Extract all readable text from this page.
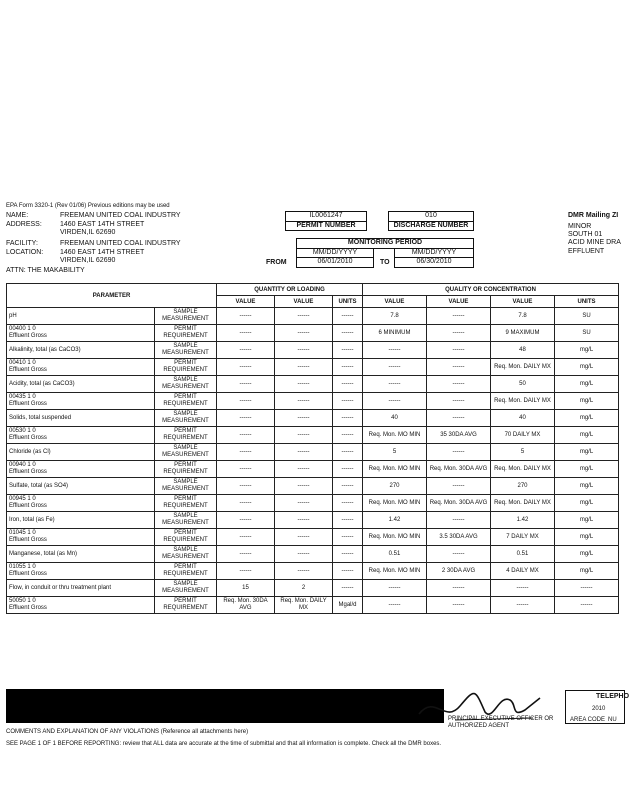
EPA Form 3320-1 (Rev 01/06) Previous editions may be used
NAME:	FREEMAN UNITED COAL INDUSTRY
ADDRESS:	1460 EAST 14TH STREET
VIRDEN,IL 62690
FACILITY:	FREEMAN UNITED COAL INDUSTRY
LOCATION: 1460 EAST 14TH STREET
VIRDEN,IL 62690
ATTN: THE MAKABILITY
IL0061247
PERMIT NUMBER
010
DISCHARGE NUMBER
MONITORING PERIOD
MM/DD/YYYY	MM/DD/YYYY
FROM	06/01/2010	TO	06/30/2010
DMR Mailing ZI
MINOR
SOUTH 01
ACID MINE DRA
EFFLUENT
PARAMETER		QUANTITY OR LOADING			QUALITY OR CONCENTRATION			
		VALUE	VALUE	UNITS	VALUE	VALUE	VALUE	UNITS

pH	SAMPLE MEASUREMENT	------	------	------	7.8	------	7.8	SU

00400 1 0
Effluent Gross	PERMIT REQUIREMENT	------	------	------	6 MINIMUM	------	9 MAXIMUM	SU

Alkalinity, total (as CaCO3)	SAMPLE MEASUREMENT	------	------	------	------	------	48	mg/L

00410 1 0
Effluent Gross	PERMIT REQUIREMENT	------	------	------	------	------	Req. Mon. DAILY MX	mg/L

Acidity, total (as CaCO3)	SAMPLE MEASUREMENT	------	------	------	------	------	50	mg/L

00435 1 0
Effluent Gross	PERMIT REQUIREMENT	------	------	------	------	------	Req. Mon. DAILY MX	mg/L

Solids, total suspended	SAMPLE MEASUREMENT	------	------	------	40	------	40	mg/L

00530 1 0
Effluent Gross	PERMIT REQUIREMENT	------	------	------	Req. Mon. MO MIN	35 30DA AVG	70 DAILY MX	mg/L

Chloride (as Cl)	SAMPLE MEASUREMENT	------	------	------	5	------	5	mg/L

00940 1 0
Effluent Gross	PERMIT REQUIREMENT	------	------	------	Req. Mon. MO MIN	Req. Mon. 30DA AVG	Req. Mon. DAILY MX	mg/L

Sulfate, total (as SO4)	SAMPLE MEASUREMENT	------	------	------	270	------	270	mg/L

00945 1 0
Effluent Gross	PERMIT REQUIREMENT	------	------	------	Req. Mon. MO MIN	Req. Mon. 30DA AVG	Req. Mon. DAILY MX	mg/L

Iron, total (as Fe)	SAMPLE MEASUREMENT	------	------	------	1.42	------	1.42	mg/L

01045 1 0
Effluent Gross	PERMIT REQUIREMENT	------	------	------	Req. Mon. MO MIN	3.5 30DA AVG	7 DAILY MX	mg/L

Manganese, total (as Mn)	SAMPLE MEASUREMENT	------	------	------	0.51	------	0.51	mg/L

01055 1 0
Effluent Gross	PERMIT REQUIREMENT	------	------	------	Req. Mon. MO MIN	2 30DA AVG	4 DAILY MX	mg/L

Flow, in conduit or thru treatment plant	SAMPLE MEASUREMENT	15	2	------	------	------	------	------

50050 1 0
Effluent Gross	PERMIT REQUIREMENT	Req. Mon. 30DA AVG	Req. Mon. DAILY MX	Mgal/d	------	------	------	------
PRINCIPAL EXECUTIVE OFFICER OR AUTHORIZED AGENT
TELEPHO
2010
AREA CODE NU
COMMENTS AND EXPLANATION OF ANY VIOLATIONS (Reference all attachments here)
SEE PAGE 1 OF 1 BEFORE REPORTING: review that ALL data are accurate at the time of submittal and that all information is complete. Check all the DMR boxes.
